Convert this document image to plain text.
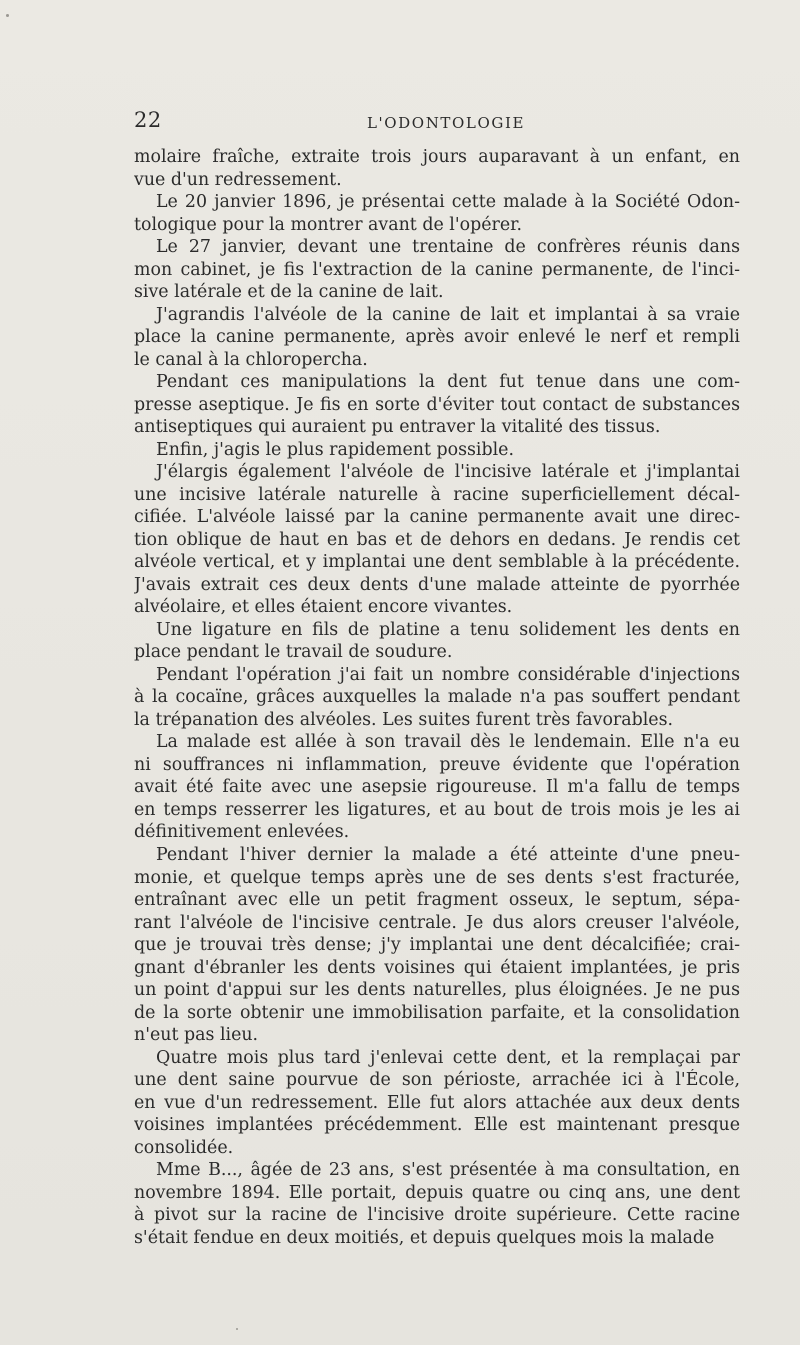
22	L'ODONTOLOGIE

molaire fraîche, extraite trois jours auparavant à un enfant, en
vue d'un redressement.

Le 20 janvier 1896, je présentai cette malade à la Société Odon-
tologique pour la montrer avant de l'opérer.

Le 27 janvier, devant une trentaine de confrères réunis dans
mon cabinet, je fis l'extraction de la canine permanente, de l'inci-
sive latérale et de la canine de lait.

J'agrandis l'alvéole de la canine de lait et implantai à sa vraie
place la canine permanente, après avoir enlevé le nerf et rempli
le canal à la chloropercha.

Pendant ces manipulations la dent fut tenue dans une com-
presse aseptique. Je fis en sorte d'éviter tout contact de substances
antiseptiques qui auraient pu entraver la vitalité des tissus.

Enfin, j'agis le plus rapidement possible.

J'élargis également l'alvéole de l'incisive latérale et j'implantai
une incisive latérale naturelle à racine superficiellement décal-
cifiée. L'alvéole laissé par la canine permanente avait une direc-
tion oblique de haut en bas et de dehors en dedans. Je rendis cet
alvéole vertical, et y implantai une dent semblable à la précédente.
J'avais extrait ces deux dents d'une malade atteinte de pyorrhée
alvéolaire, et elles étaient encore vivantes.

Une ligature en fils de platine a tenu solidement les dents en
place pendant le travail de soudure.

Pendant l'opération j'ai fait un nombre considérable d'injections
à la cocaïne, grâces auxquelles la malade n'a pas souffert pendant
la trépanation des alvéoles. Les suites furent très favorables.

La malade est allée à son travail dès le lendemain. Elle n'a eu
ni souffrances ni inflammation, preuve évidente que l'opération
avait été faite avec une asepsie rigoureuse. Il m'a fallu de temps
en temps resserrer les ligatures, et au bout de trois mois je les ai
définitivement enlevées.

Pendant l'hiver dernier la malade a été atteinte d'une pneu-
monie, et quelque temps après une de ses dents s'est fracturée,
entraînant avec elle un petit fragment osseux, le septum, sépa-
rant l'alvéole de l'incisive centrale. Je dus alors creuser l'alvéole,
que je trouvai très dense; j'y implantai une dent décalcifiée; crai-
gnant d'ébranler les dents voisines qui étaient implantées, je pris
un point d'appui sur les dents naturelles, plus éloignées. Je ne pus
de la sorte obtenir une immobilisation parfaite, et la consolidation
n'eut pas lieu.

Quatre mois plus tard j'enlevai cette dent, et la remplaçai par
une dent saine pourvue de son périoste, arrachée ici à l'École,
en vue d'un redressement. Elle fut alors attachée aux deux dents
voisines implantées précédemment. Elle est maintenant presque
consolidée.

Mme B..., âgée de 23 ans, s'est présentée à ma consultation, en
novembre 1894. Elle portait, depuis quatre ou cinq ans, une dent
à pivot sur la racine de l'incisive droite supérieure. Cette racine
s'était fendue en deux moitiés, et depuis quelques mois la malade
